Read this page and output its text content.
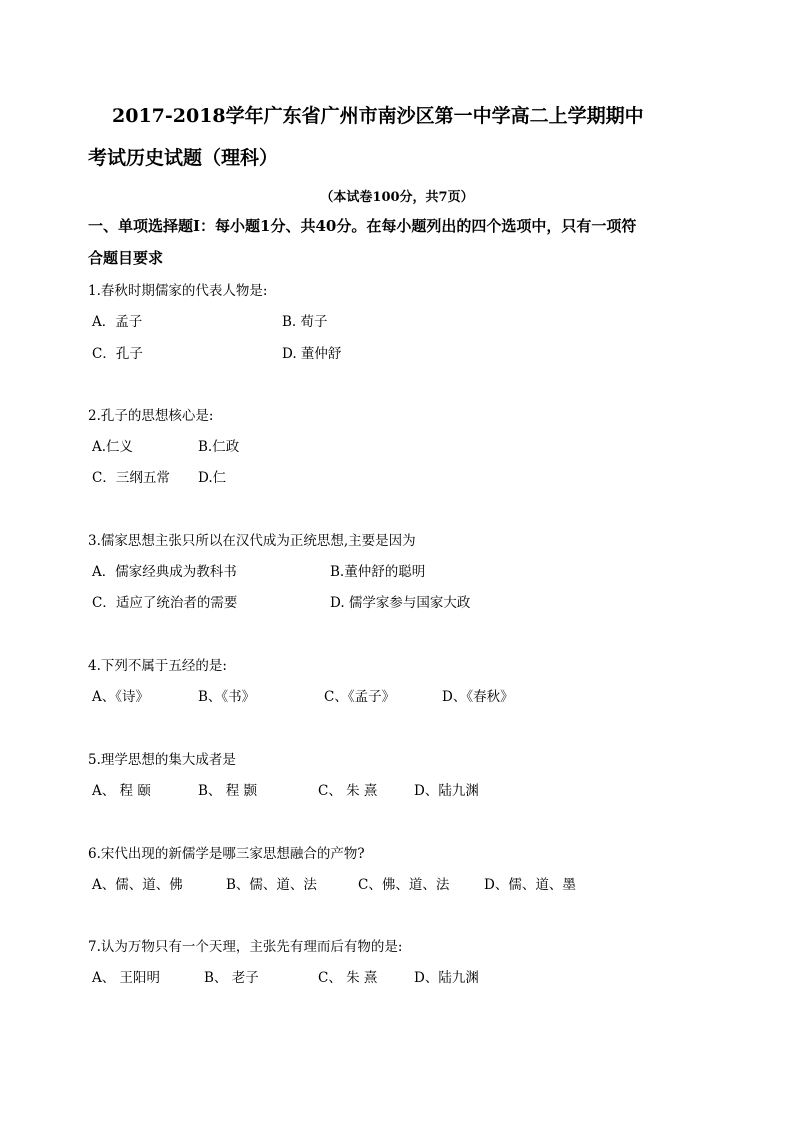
2017-2018学年广东省广州市南沙区第一中学高二上学期期中
考试历史试题（理科）
（本试卷100分，共7页）
一、单项选择题Ⅰ：每小题1分、共40分。在每小题列出的四个选项中，只有一项符
合题目要求
1.春秋时期儒家的代表人物是:
A．孟子	B. 荀子
C．孔子	D. 董仲舒
2.孔子的思想核心是:
A.仁义	B.仁政
C．三纲五常 D.仁
3.儒家思想主张只所以在汉代成为正统思想,主要是因为
A．儒家经典成为教科书	B.董仲舒的聪明
C．适应了统治者的需要	D. 儒学家参与国家大政
4.下列不属于五经的是:
A、《诗》	B、《书》	C、《孟子》	D、《春秋》
5.理学思想的集大成者是
A、 程 颐	B、 程 颢	C、 朱 熹	D、陆九渊
6.宋代出现的新儒学是哪三家思想融合的产物?
A、儒、道、佛	B、儒、道、法	C、佛、道、法	D、儒、道、墨
7.认为万物只有一个天理，主张先有理而后有物的是:
A、 王阳明	B、 老子	C、 朱 熹	D、陆九渊
